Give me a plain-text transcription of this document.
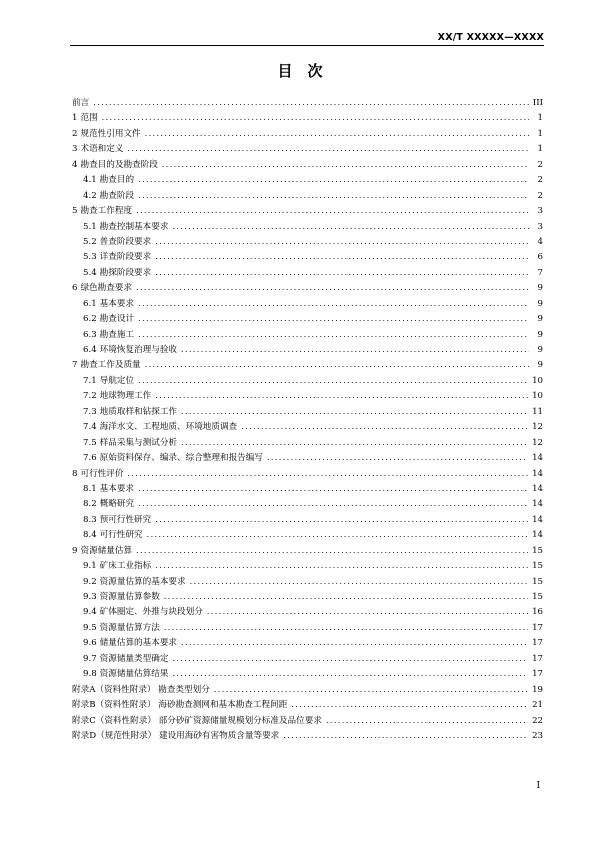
XX/T XXXXX—XXXX
目　次
前言 .....	III
1 范围 .....	1
2 规范性引用文件 .....	1
3 术语和定义 .....	1
4 勘查目的及勘查阶段 .....	2
4.1 勘查目的 .....	2
4.2 勘查阶段 .....	2
5 勘查工作程度 .....	3
5.1 勘查控制基本要求 .....	3
5.2 普查阶段要求 .....	4
5.3 详查阶段要求 .....	6
5.4 勘探阶段要求 .....	7
6 绿色勘查要求 .....	9
6.1 基本要求 .....	9
6.2 勘查设计 .....	9
6.3 勘查施工 .....	9
6.4 环境恢复治理与验收 .....	9
7 勘查工作及质量 .....	9
7.1 导航定位 .....	10
7.2 地球物理工作 .....	10
7.3 地质取样和钻探工作 .....	11
7.4 海洋水文、工程地质、环境地质调查 .....	12
7.5 样品采集与测试分析 .....	12
7.6 原始资料保存、编录、综合整理和报告编写 .....	14
8 可行性评价 .....	14
8.1 基本要求 .....	14
8.2 概略研究 .....	14
8.3 预可行性研究 .....	14
8.4 可行性研究 .....	14
9 资源储量估算 .....	15
9.1 矿床工业指标 .....	15
9.2 资源量估算的基本要求 .....	15
9.3 资源量估算参数 .....	15
9.4 矿体圈定、外推与块段划分 .....	16
9.5 资源量估算方法 .....	17
9.6 储量估算的基本要求 .....	17
9.7 资源储量类型确定 .....	17
9.8 资源储量估算结果 .....	17
附录A（资料性附录） 勘查类型划分 .....	19
附录B（资料性附录） 海砂勘查测网和基本勘查工程间距 .....	21
附录C（资料性附录） 部分砂矿资源储量规模划分标准及品位要求 .....	22
附录D（规范性附录） 建设用海砂有害物质含量等要求 .....	23
I
